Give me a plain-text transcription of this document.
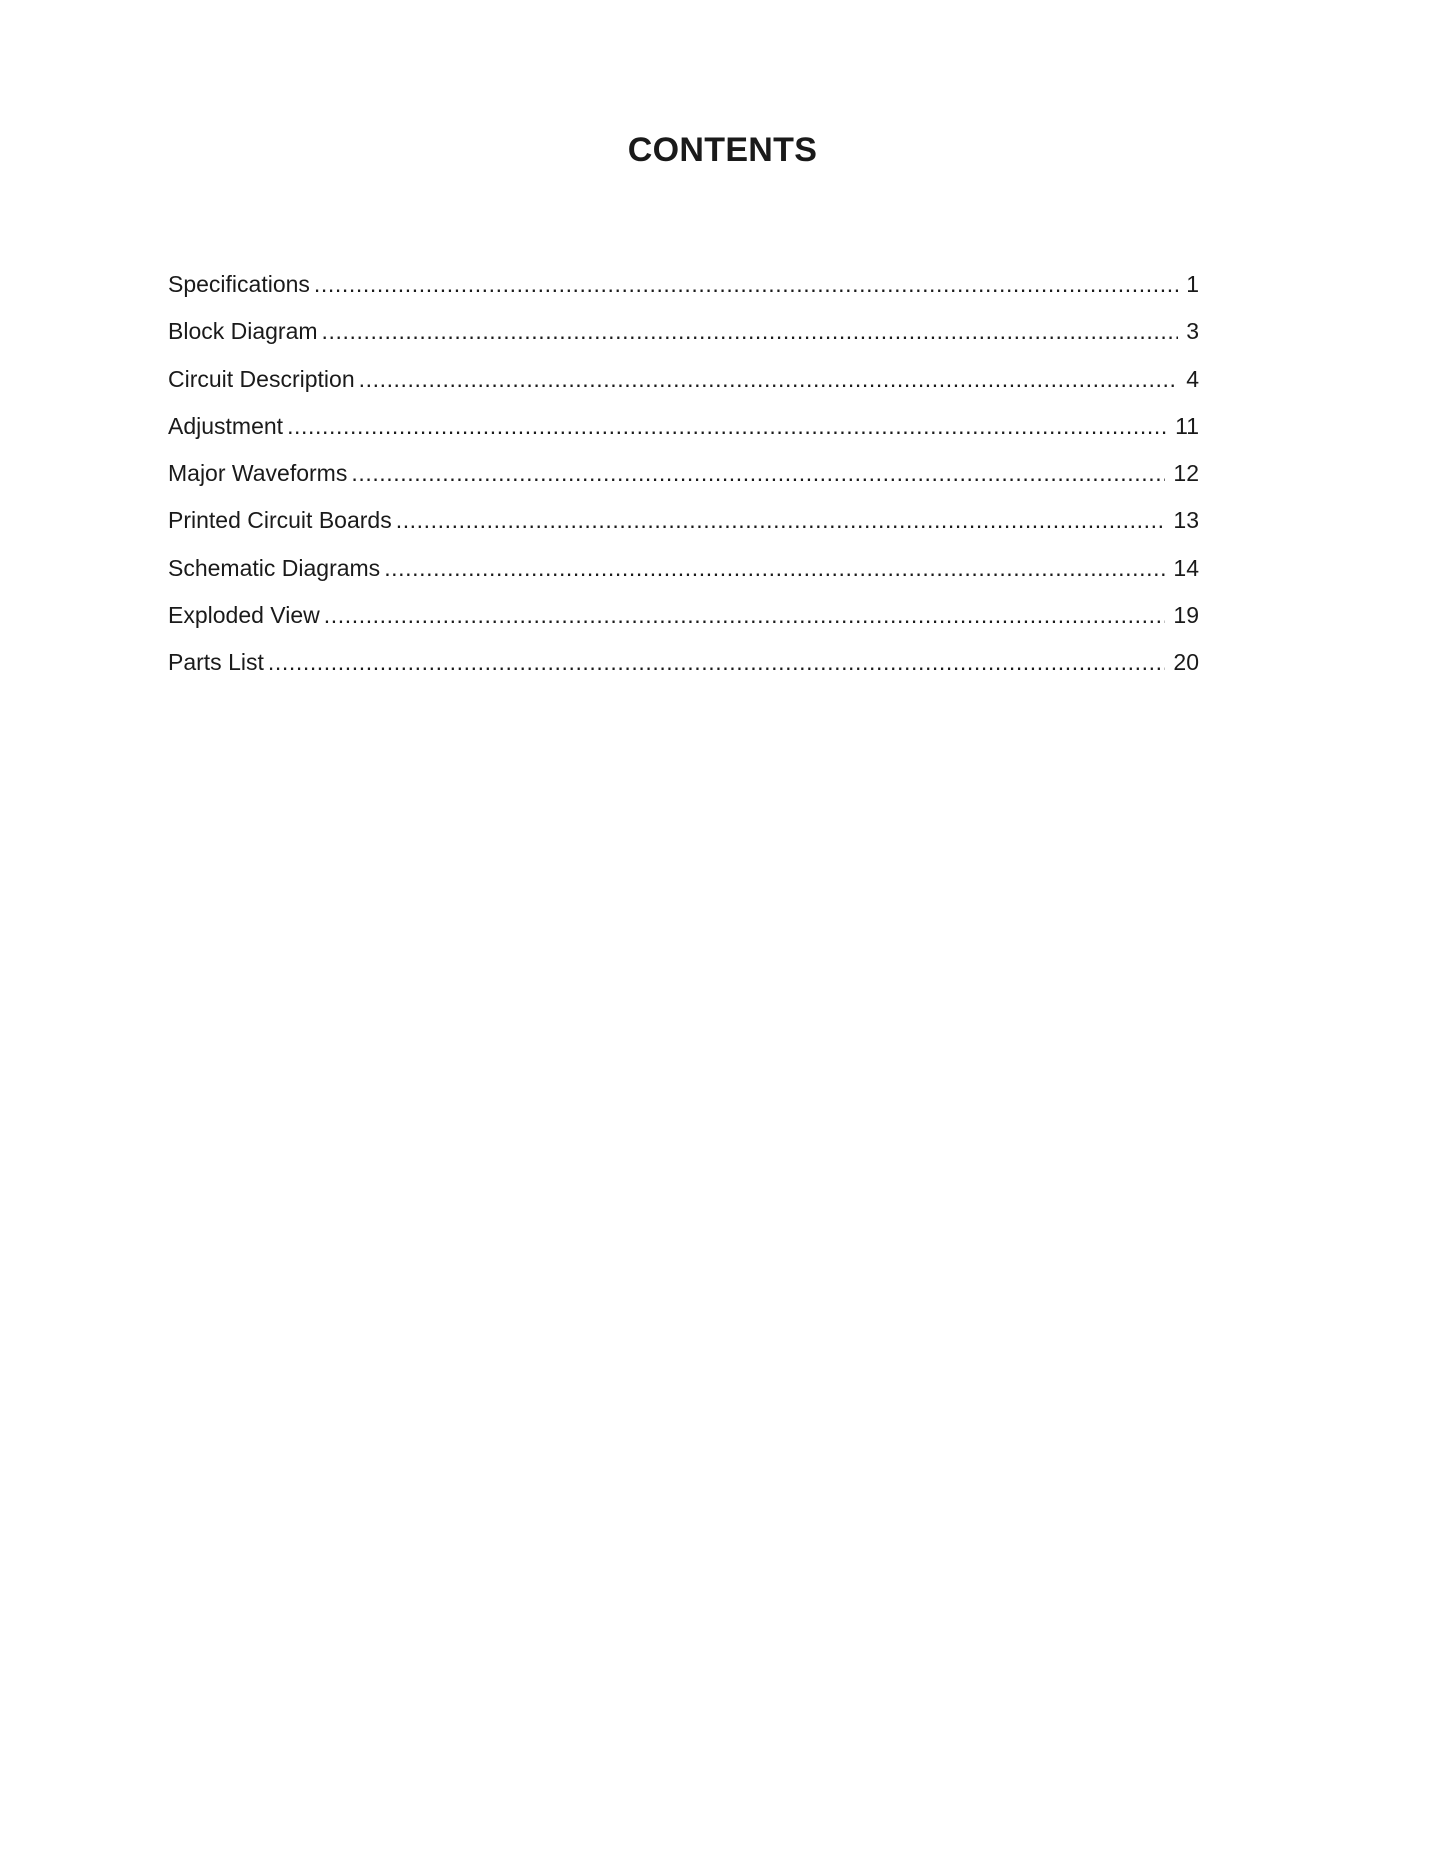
CONTENTS
Specifications .....	1
Block Diagram .....	3
Circuit Description .....	4
Adjustment .....	11
Major Waveforms .....	12
Printed Circuit Boards .....	13
Schematic Diagrams .....	14
Exploded View .....	19
Parts List .....	20
